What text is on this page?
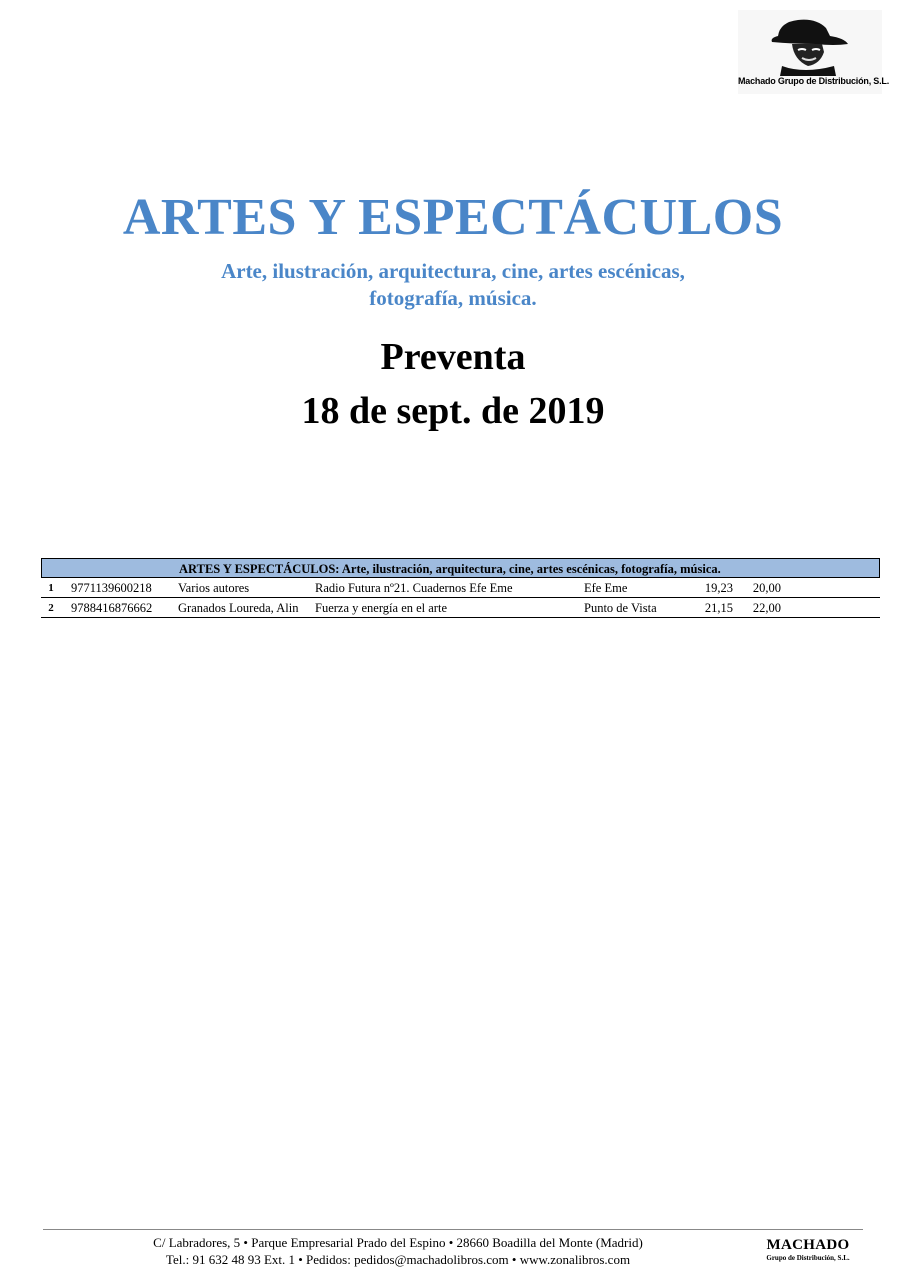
Machado Grupo de Distribución, S.L.
ARTES Y ESPECTÁCULOS
Arte, ilustración, arquitectura, cine, artes escénicas,
fotografía, música.
Preventa
18 de sept. de 2019
ARTES Y ESPECTÁCULOS: Arte, ilustración, arquitectura, cine, artes escénicas, fotografía, música.
1	9771139600218	Varios autores	Radio Futura nº21. Cuadernos Efe Eme	Efe Eme	19,23	20,00
2	9788416876662	Granados Loureda, Alin	Fuerza y energía en el arte	Punto de Vista	21,15	22,00
C/ Labradores, 5 • Parque Empresarial Prado del Espino • 28660 Boadilla del Monte (Madrid)
Tel.: 91 632 48 93 Ext. 1 • Pedidos: pedidos@machadolibros.com • www.zonalibros.com
MACHADO
Grupo de Distribución, S.L.
